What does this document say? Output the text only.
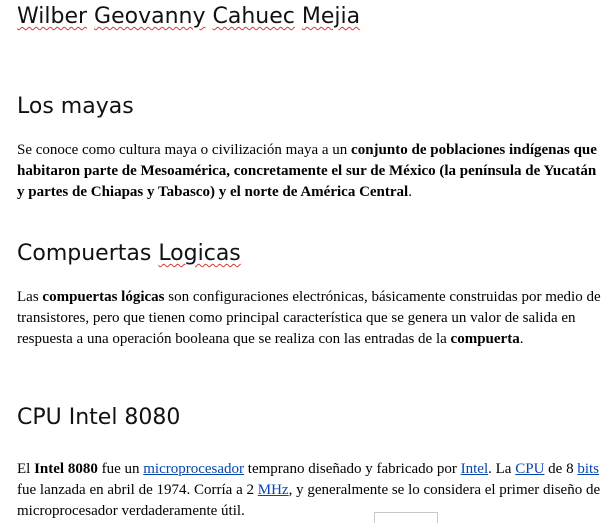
Wilber Geovanny Cahuec Mejia
Los mayas

Se conoce como cultura maya o civilización maya a un conjunto de poblaciones indígenas que habitaron parte de Mesoamérica, concretamente el sur de México (la península de Yucatán y partes de Chiapas y Tabasco) y el norte de América Central.

Compuertas Logicas

Las compuertas lógicas son configuraciones electrónicas, básicamente construidas por medio de transistores, pero que tienen como principal característica que se genera un valor de salida en respuesta a una operación booleana que se realiza con las entradas de la compuerta.

CPU Intel 8080

El Intel 8080 fue un microprocesador temprano diseñado y fabricado por Intel. La CPU de 8 bits fue lanzada en abril de 1974. Corría a 2 MHz, y generalmente se lo considera el primer diseño de microprocesador verdaderamente útil.
